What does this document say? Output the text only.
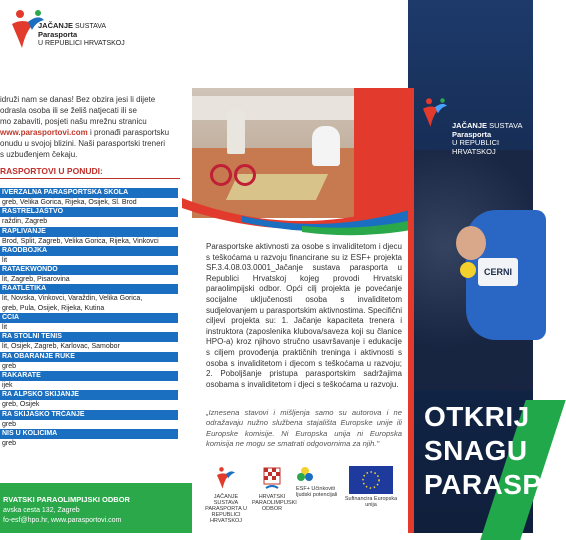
JAČANJE SUSTAVA
Parasporta
U REPUBLICI HRVATSKOJ
idruži nam se danas! Bez obzira jesi li dijete
odrasla osoba ili se želiš natjecati ili se
mo zabaviti, posjeti našu mrežnu stranicu
www.parasportovi.com i pronađi parasportsku
onudu u svojoj blizini. Naši parasportski treneri
s uzbuđenjem čekaju.
RASPORTOVI U PONUDI:
IVERZALNA PARASPORTSKA ŠKOLA
greb, Velika Gorica, Rijeka, Osijek, Sl. Brod
RASTRELJAŠTVO
raždin, Zagreb
RAPLIVANJE
Brod, Split, Zagreb, Velika Gorica, Rijeka, Vinkovci
RAODBOJKA
lit
RATAEKWONDO
lit, Zagreb, Pisarovina
RAATLETIKA
lit, Novska, Vinkovci, Varaždin, Velika Gorica,
greb, Pula, Osijek, Rijeka, Kutina
CCIA
lit
RA STOLNI TENIS
lit, Osijek, Zagreb, Karlovac, Samobor
RA OBARANJE RUKE
greb
RAKARATE
ijek
RA ALPSKO SKIJANJE
greb, Osijek
RA SKIJAŠKO TRČANJE
greb
NIS U KOLICIMA
greb
RVATSKI PARAOLIMPIJSKI ODBOR
avska cesta 132, Zagreb
fo-esf@hpo.hr, www.parasportovi.com
Parasportske aktivnosti za osobe s invaliditetom i djecu s teškoćama u razvoju financirane su iz ESF+ projekta SF.3.4.08.03.0001_Jačanje sustava parasporta u Republici Hrvatskoj kojeg provodi Hrvatski paraolimpijski odbor. Opći cilj projekta je povećanje socijalne uključenosti osoba s invaliditetom sudjelovanjem u parasportskim aktivnostima. Specifični ciljevi projekta su: 1. Jačanje kapaciteta trenera i instruktora (zaposlenika klubova/saveza koji su članice HPO-a) kroz njihovo stručno usavršavanje i edukacije s ciljem provođenja praktičnih treninga i aktivnosti s osoba s invaliditetom i djecom s teškoćama u razvoju; 2. Poboljšanje pristupa parasportskim sadržajima osobama s invaliditetom i djeci s teškoćama u razvoju.
„Iznesena stavovi i mišljenja samo su autorova i ne odražavaju nužno službena stajališta Europske unije ili Europske komisije. Ni Europska unija ni Europska komisija ne mogu se smatrati odgovornima za njih."
JAČANJE SUSTAVA PARASPORTA U REPUBLICI HRVATSKOJ
HRVATSKI PARAOLIMPIJSKI ODBOR
ESF+ Učinkoviti ljudski potencijali
Sufinancira Europska unija
JAČANJE SUSTAVA
Parasporta
U REPUBLICI HRVATSKOJ
CERNI
OTKRIJ
SNAGU
PARASPO
